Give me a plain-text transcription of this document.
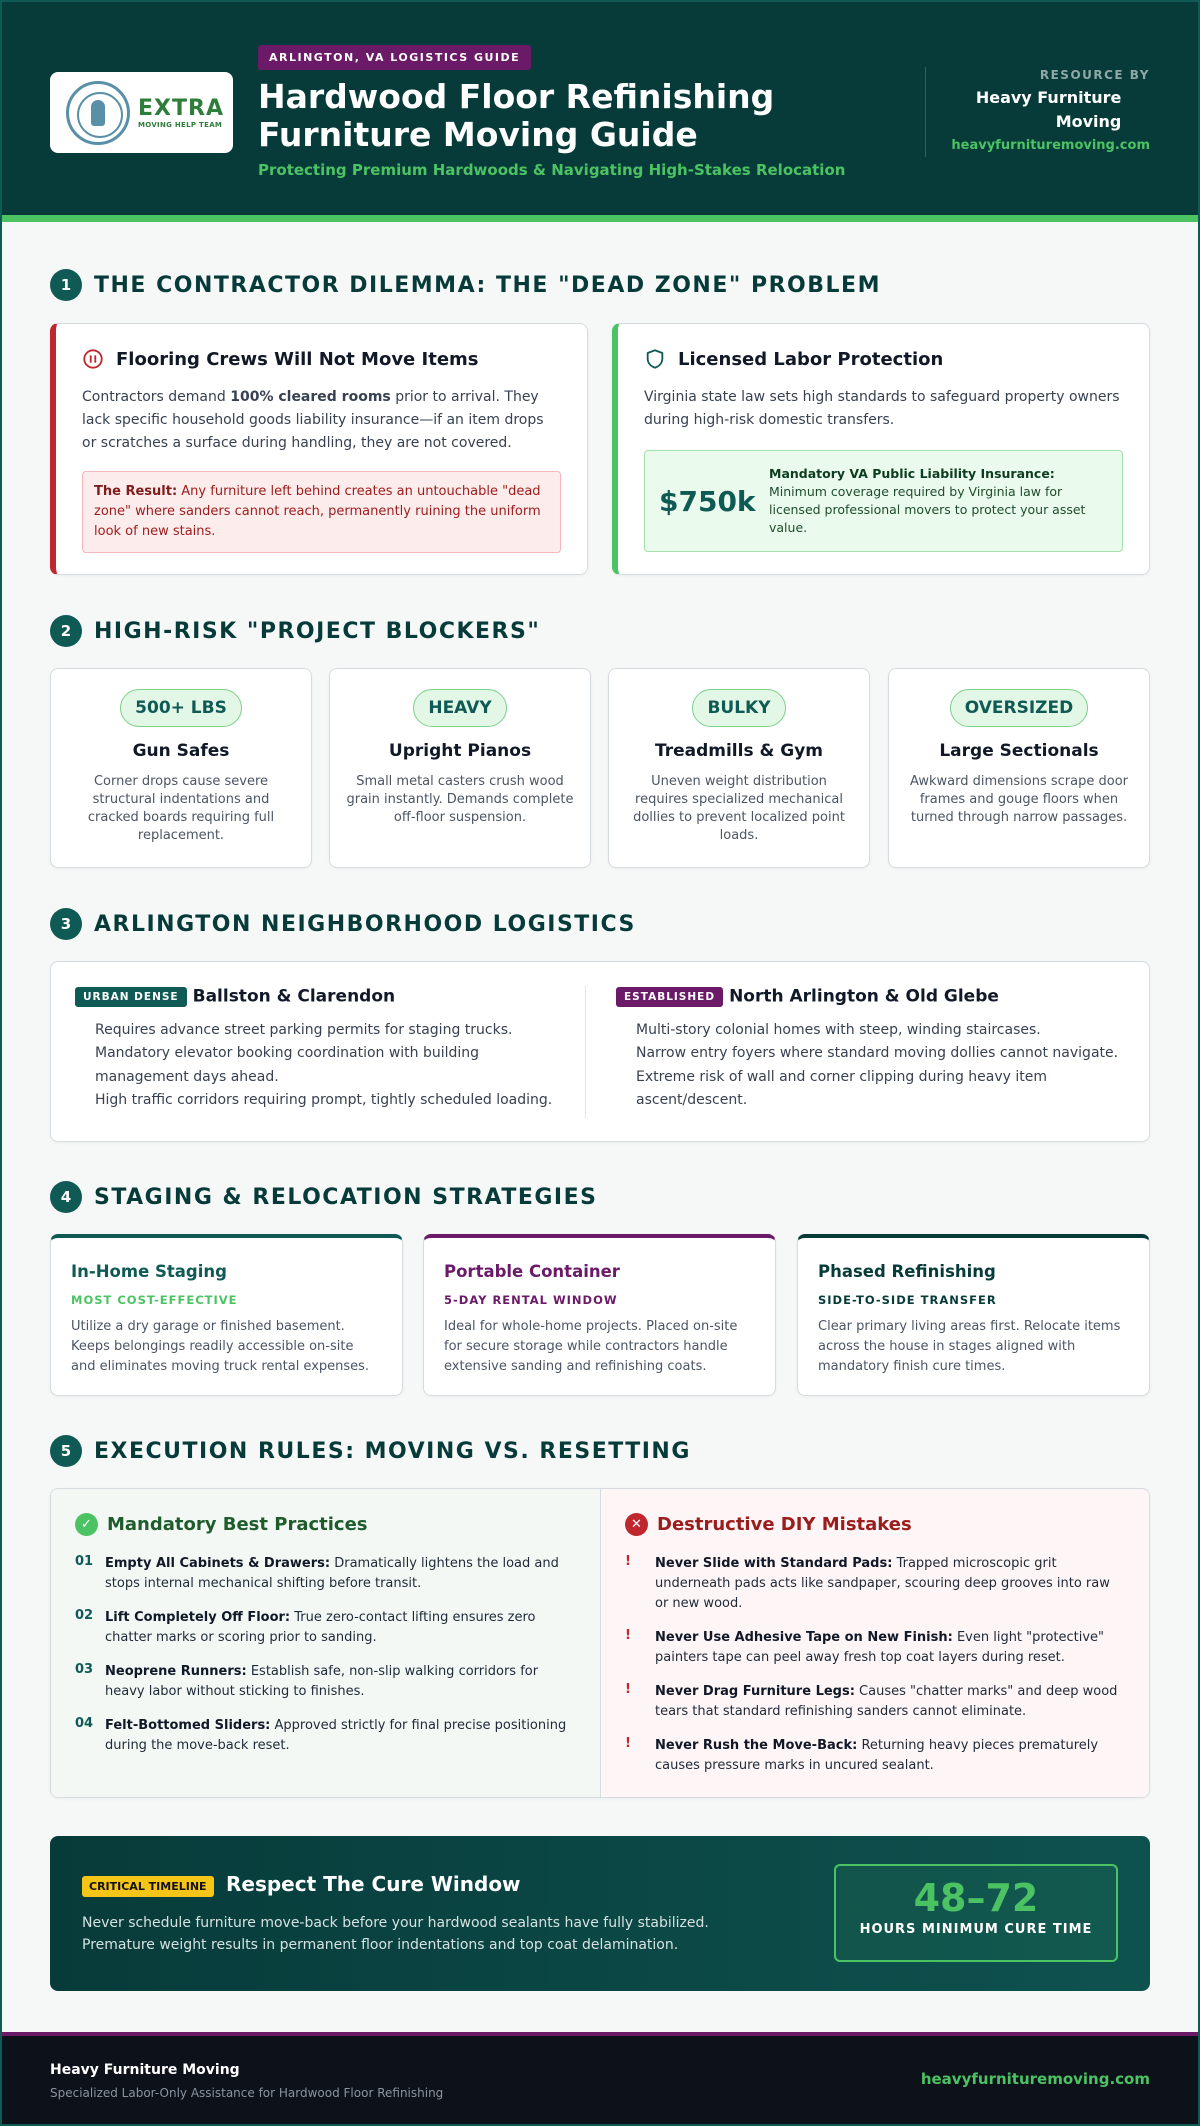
EXTRA
MOVING HELP TEAM
ARLINGTON, VA LOGISTICS GUIDE
Hardwood Floor Refinishing
Furniture Moving Guide
Protecting Premium Hardwoods & Navigating High-Stakes Relocation
RESOURCE BY
Heavy Furniture Moving
heavyfurnituremoving.com
1	THE CONTRACTOR DILEMMA: THE "DEAD ZONE" PROBLEM
Flooring Crews Will Not Move Items

Contractors demand 100% cleared rooms prior to arrival. They lack specific household goods liability insurance—if an item drops or scratches a surface during handling, they are not covered.

The Result: Any furniture left behind creates an untouchable "dead zone" where sanders cannot reach, permanently ruining the uniform look of new stains.
Licensed Labor Protection

Virginia state law sets high standards to safeguard property owners during high-risk domestic transfers.

$750k
Mandatory VA Public Liability Insurance: Minimum coverage required by Virginia law for licensed professional movers to protect your asset value.
2	HIGH-RISK "PROJECT BLOCKERS"
500+ LBS
Gun Safes

Corner drops cause severe structural indentations and cracked boards requiring full replacement.

HEAVY
Upright Pianos

Small metal casters crush wood grain instantly. Demands complete off-floor suspension.

BULKY
Treadmills & Gym

Uneven weight distribution requires specialized mechanical dollies to prevent localized point loads.

OVERSIZED
Large Sectionals

Awkward dimensions scrape door frames and gouge floors when turned through narrow passages.

3	ARLINGTON NEIGHBORHOOD LOGISTICS
URBAN DENSE Ballston & Clarendon
Requires advance street parking permits for staging trucks.
Mandatory elevator booking coordination with building
management days ahead.
High traffic corridors requiring prompt, tightly scheduled loading.
ESTABLISHED North Arlington & Old Glebe
Multi-story colonial homes with steep, winding staircases.
Narrow entry foyers where standard moving dollies cannot navigate.
Extreme risk of wall and corner clipping during heavy item
ascent/descent.
4	STAGING & RELOCATION STRATEGIES
In-Home Staging
MOST COST-EFFECTIVE

Utilize a dry garage or finished basement. Keeps belongings readily accessible on-site and eliminates moving truck rental expenses.

Portable Container
5-DAY RENTAL WINDOW

Ideal for whole-home projects. Placed on-site for secure storage while contractors handle extensive sanding and refinishing coats.

Phased Refinishing
SIDE-TO-SIDE TRANSFER

Clear primary living areas first. Relocate items across the house in stages aligned with mandatory finish cure times.

5	EXECUTION RULES: MOVING VS. RESETTING
✓ Mandatory Best Practices
01 Empty All Cabinets & Drawers: Dramatically lightens the load and stops internal mechanical shifting before transit.
02 Lift Completely Off Floor: True zero-contact lifting ensures zero chatter marks or scoring prior to sanding.
03 Neoprene Runners: Establish safe, non-slip walking corridors for heavy labor without sticking to finishes.
04 Felt-Bottomed Sliders: Approved strictly for final precise positioning during the move-back reset.
✕ Destructive DIY Mistakes
!	Never Slide with Standard Pads: Trapped microscopic grit underneath pads acts like sandpaper, scouring deep grooves into raw or new wood.
!	Never Use Adhesive Tape on New Finish: Even light "protective" painters tape can peel away fresh top coat layers during reset.
!	Never Drag Furniture Legs: Causes "chatter marks" and deep wood tears that standard refinishing sanders cannot eliminate.
!	Never Rush the Move-Back: Returning heavy pieces prematurely causes pressure marks in uncured sealant.
CRITICAL TIMELINE Respect The Cure Window
Never schedule furniture move-back before your hardwood sealants have fully stabilized. Premature weight results in permanent floor indentations and top coat delamination.
48–72
HOURS MINIMUM CURE TIME
Heavy Furniture Moving
Specialized Labor-Only Assistance for Hardwood Floor Refinishing
heavyfurnituremoving.com
